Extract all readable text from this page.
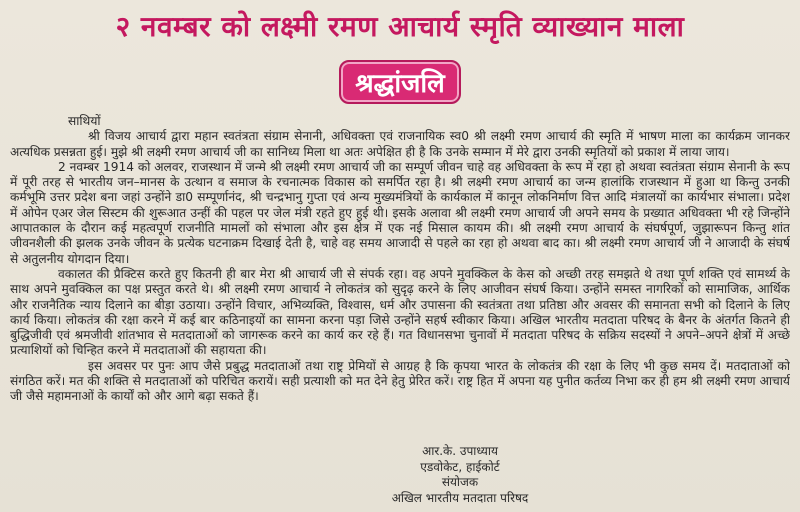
२ नवम्बर को लक्ष्मी रमण आचार्य स्मृति व्याख्यान माला
श्रद्धांजलि

साथियों

श्री विजय आचार्य द्वारा महान स्वतंत्रता संग्राम सेनानी, अधिवक्ता एवं राजनायिक स्व0 श्री लक्ष्मी रमण आचार्य की स्मृति में भाषण माला का कार्यक्रम जानकर अत्यधिक प्रसन्नता हुई। मुझे श्री लक्ष्मी रमण आचार्य जी का सानिध्य मिला था अतः अपेक्षित ही है कि उनके सम्मान में मेरे द्वारा उनकी स्मृतियों को प्रकाश में लाया जाय।

2 नवम्बर 1914 को अलवर, राजस्थान में जन्मे श्री लक्ष्मी रमण आचार्य जी का सम्पूर्ण जीवन चाहे वह अधिवक्ता के रूप में रहा हो अथवा स्वतंत्रता संग्राम सेनानी के रूप में पूरी तरह से भारतीय जन–मानस के उत्थान व समाज के रचनात्मक विकास को समर्पित रहा है। श्री लक्ष्मी रमण आचार्य का जन्म हालांकि राजस्थान में हुआ था किन्तु उनकी कर्मभूमि उत्तर प्रदेश बना जहां उन्होंने डा0 सम्पूर्णानंद, श्री चन्द्रभानु गुप्ता एवं अन्य मुख्यमंत्रियों के कार्यकाल में कानून लोकनिर्माण वित्त आदि मंत्रालयों का कार्यभार संभाला। प्रदेश में ओपेन एअर जेल सिस्टम की शुरूआत उन्हीं की पहल पर जेल मंत्री रहते हुए हुई थी। इसके अलावा श्री लक्ष्मी रमण आचार्य जी अपने समय के प्रख्यात अधिवक्ता भी रहे जिन्होंने आपातकाल के दौरान कई महत्वपूर्ण राजनीति मामलों को संभाला और इस क्षेत्र में एक नई मिसाल कायम की। श्री लक्ष्मी रमण आचार्य के संघर्षपूर्ण, जुझारूपन किन्तु शांत जीवनशैली की झलक उनके जीवन के प्रत्येक घटनाक्रम दिखाई देती है, चाहे वह समय आजादी से पहले का रहा हो अथवा बाद का। श्री लक्ष्मी रमण आचार्य जी ने आजादी के संघर्ष से अतुलनीय योगदान दिया।

वकालत की प्रैक्टिस करते हुए कितनी ही बार मेरा श्री आचार्य जी से संपर्क रहा। वह अपने मुवक्किल के केस को अच्छी तरह समझते थे तथा पूर्ण शक्ति एवं सामर्थ्य के साथ अपने मुवक्किल का पक्ष प्रस्तुत करते थे। श्री लक्ष्मी रमण आचार्य ने लोकतंत्र को सुदृढ़ करने के लिए आजीवन संघर्ष किया। उन्होंने समस्त नागरिकों को सामाजिक, आर्थिक और राजनैतिक न्याय दिलाने का बीड़ा उठाया। उन्होंने विचार, अभिव्यक्ति, विश्वास, धर्म और उपासना की स्वतंत्रता तथा प्रतिष्ठा और अवसर की समानता सभी को दिलाने के लिए कार्य किया। लोकतंत्र की रक्षा करने में कई बार कठिनाइयों का सामना करना पड़ा जिसे उन्होंने सहर्ष स्वीकार किया। अखिल भारतीय मतदाता परिषद के बैनर के अंतर्गत कितने ही बुद्धिजीवी एवं श्रमजीवी शांतभाव से मतदाताओं को जागरूक करने का कार्य कर रहे हैं। गत विधानसभा चुनावों में मतदाता परिषद के सक्रिय सदस्यों ने अपने–अपने क्षेत्रों में अच्छे प्रत्याशियों को चिन्हित करने में मतदाताओं की सहायता की।

इस अवसर पर पुनः आप जैसे प्रबुद्ध मतदाताओं तथा राष्ट्र प्रेमियों से आग्रह है कि कृपया भारत के लोकतंत्र की रक्षा के लिए भी कुछ समय दें। मतदाताओं को संगठित करें। मत की शक्ति से मतदाताओं को परिचित करायें। सही प्रत्याशी को मत देने हेतु प्रेरित करें। राष्ट्र हित में अपना यह पुनीत कर्तव्य निभा कर ही हम श्री लक्ष्मी रमण आचार्य जी जैसे महामनाओं के कार्यों को और आगे बढ़ा सकते हैं।

आर.के. उपाध्याय
एडवोकेट, हाईकोर्ट
संयोजक
अखिल भारतीय मतदाता परिषद
